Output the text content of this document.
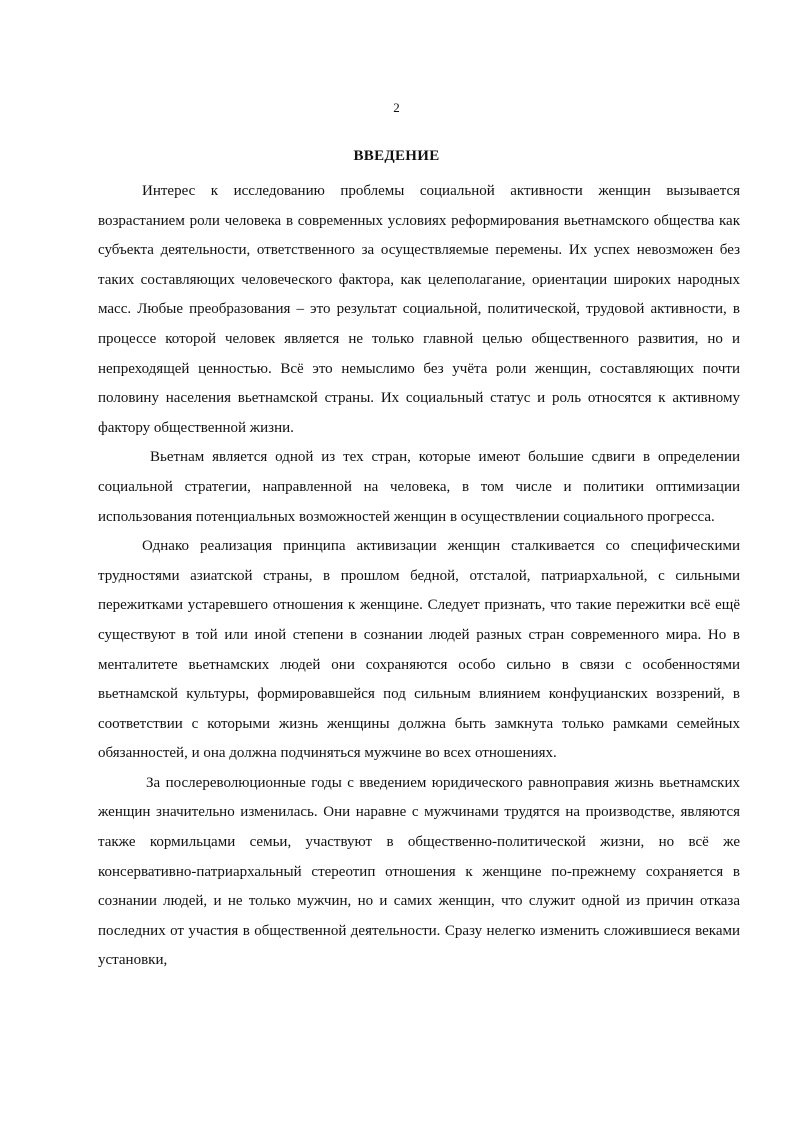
2
ВВЕДЕНИЕ

Интерес к исследованию проблемы социальной активности женщин вызывается возрастанием роли человека в современных условиях реформирования вьетнамского общества как субъекта деятельности, ответственного за осуществляемые перемены. Их успех невозможен без таких составляющих человеческого фактора, как целеполагание, ориентации широких народных масс. Любые преобразования – это результат социальной, политической, трудовой активности, в процессе которой человек является не только главной целью общественного развития, но и непреходящей ценностью. Всё это немыслимо без учёта роли женщин, составляющих почти половину населения вьетнамской страны. Их социальный статус и роль относятся к активному фактору общественной жизни.

Вьетнам является одной из тех стран, которые имеют большие сдвиги в определении социальной стратегии, направленной на человека, в том числе и политики оптимизации использования потенциальных возможностей женщин в осуществлении социального прогресса.

Однако реализация принципа активизации женщин сталкивается со специфическими трудностями азиатской страны, в прошлом бедной, отсталой, патриархальной, с сильными пережитками устаревшего отношения к женщине. Следует признать, что такие пережитки всё ещё существуют в той или иной степени в сознании людей разных стран современного мира. Но в менталитете вьетнамских людей они сохраняются особо сильно в связи с особенностями вьетнамской культуры, формировавшейся под сильным влиянием конфуцианских воззрений, в соответствии с которыми жизнь женщины должна быть замкнута только рамками семейных обязанностей, и она должна подчиняться мужчине во всех отношениях.

За послереволюционные годы с введением юридического равноправия жизнь вьетнамских женщин значительно изменилась. Они наравне с мужчинами трудятся на производстве, являются также кормильцами семьи, участвуют в общественно-политической жизни, но всё же консервативно-патриархальный стереотип отношения к женщине по-прежнему сохраняется в сознании людей, и не только мужчин, но и самих женщин, что служит одной из причин отказа последних от участия в общественной деятельности. Сразу нелегко изменить сложившиеся веками установки,
